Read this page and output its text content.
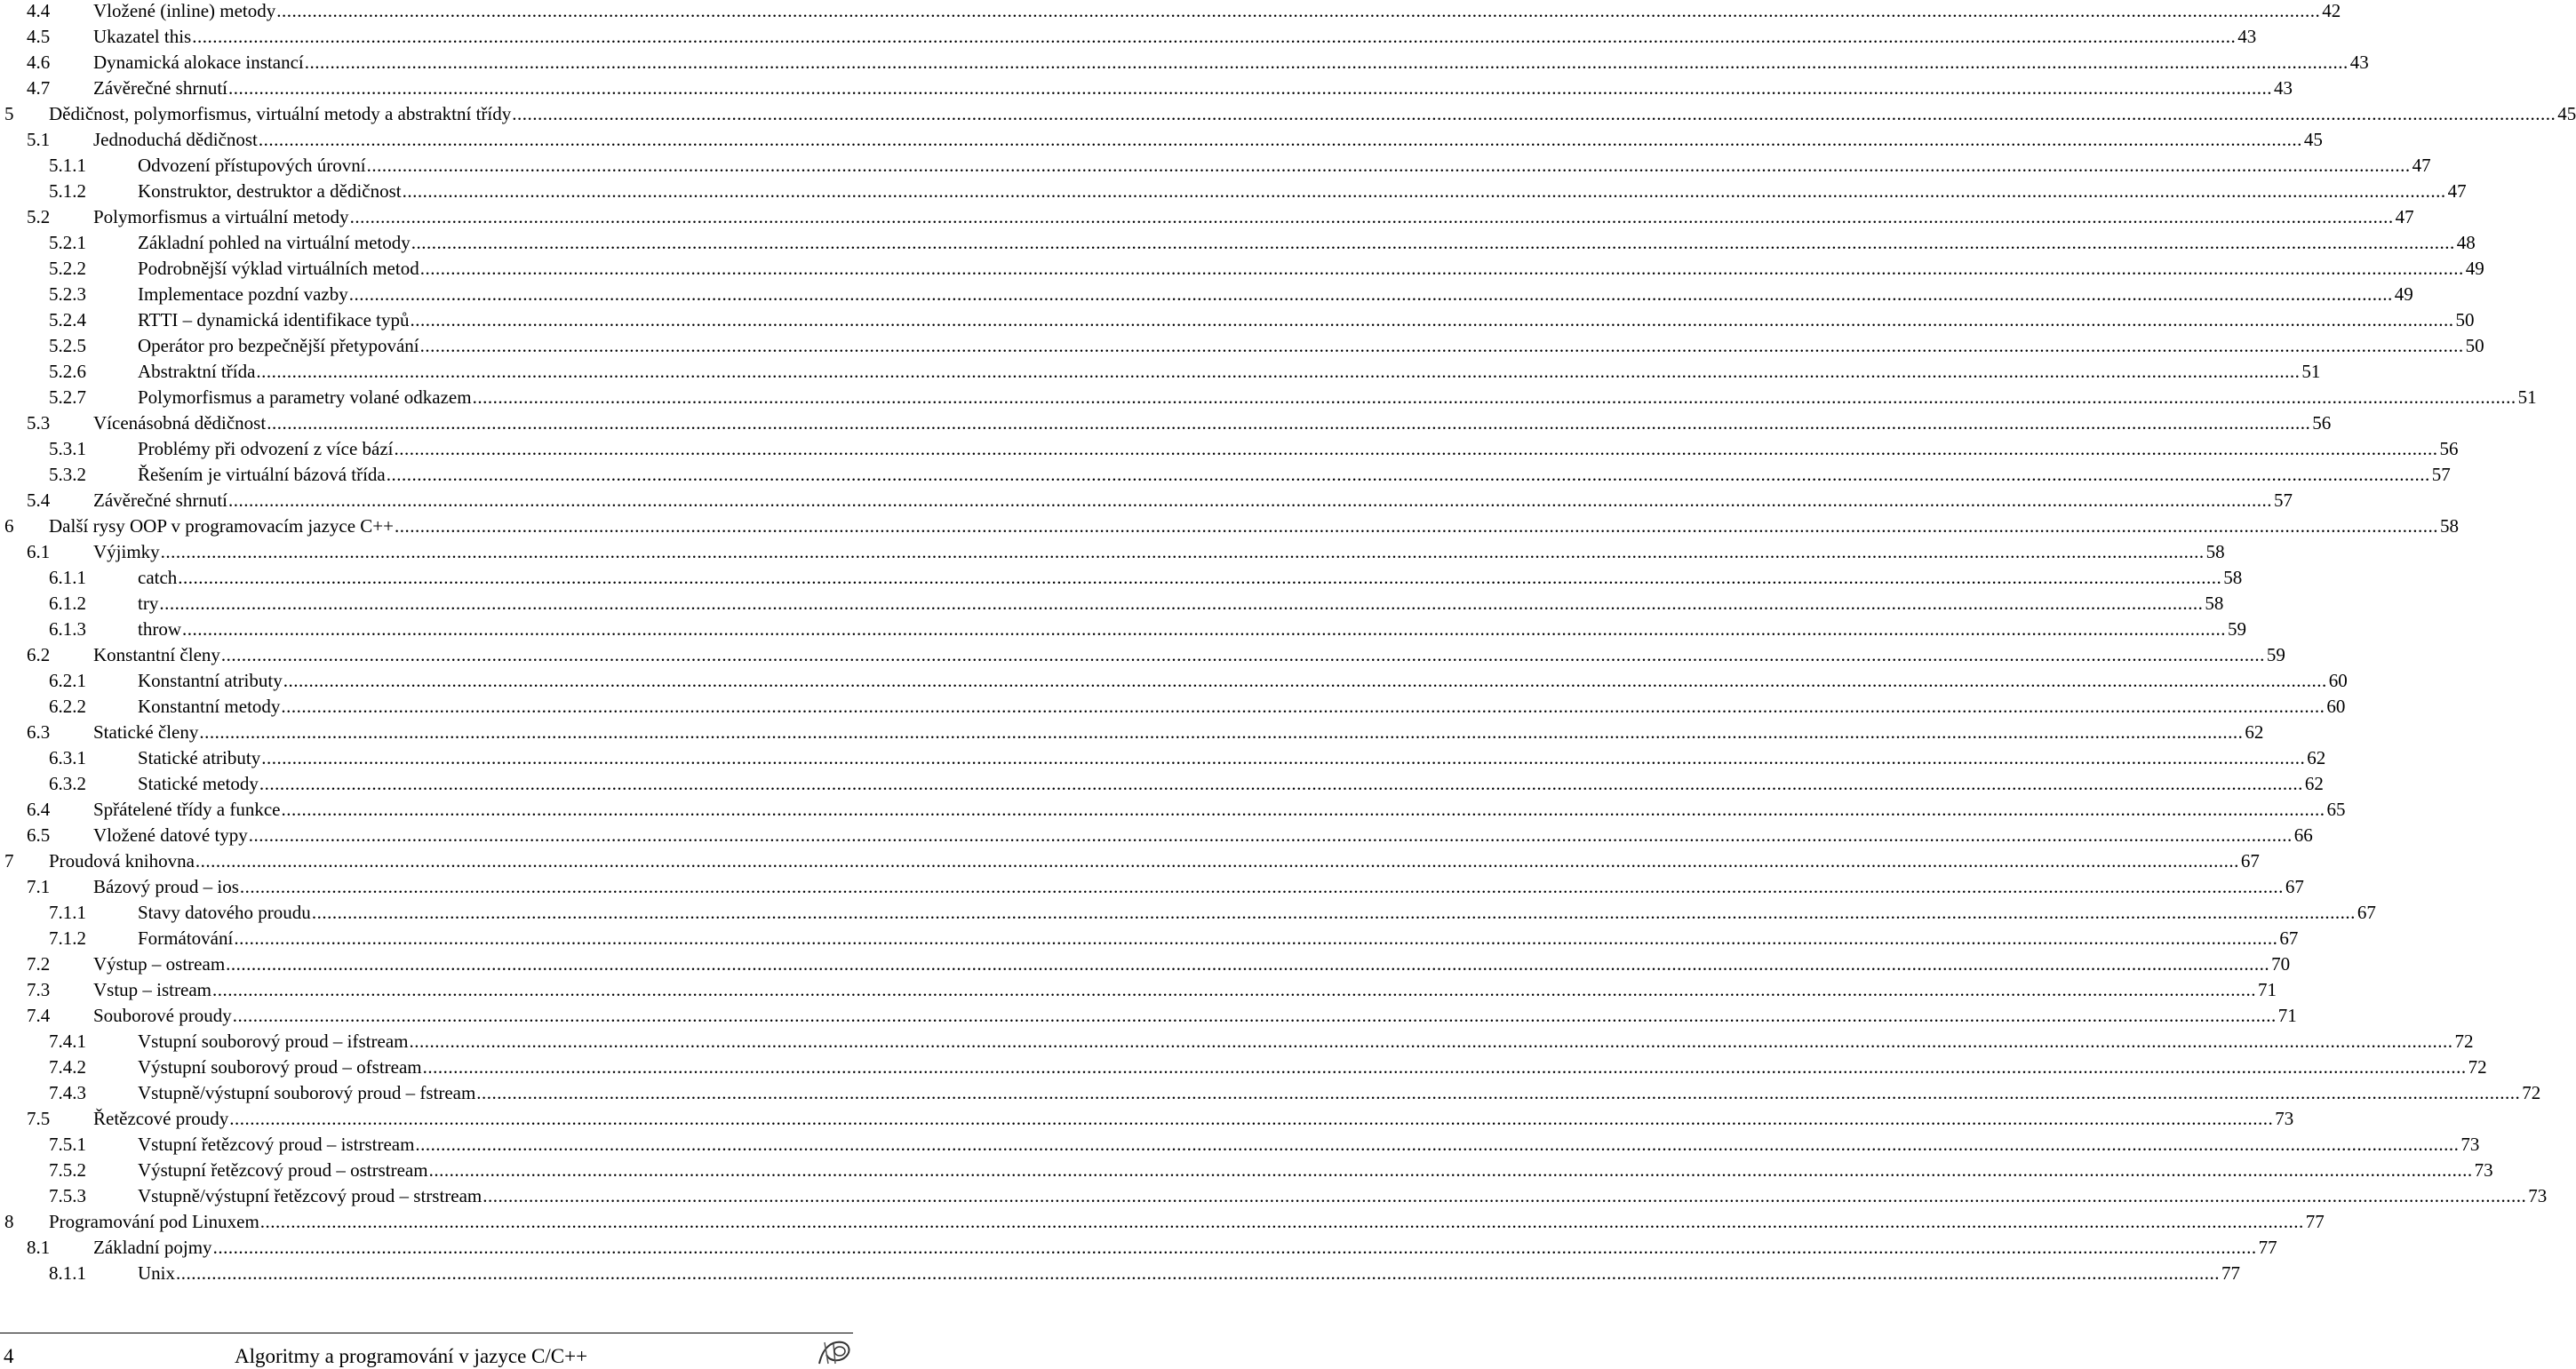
4.4 Vložené (inline) metody ................................................................................................................................................................................................................................................................................................................................................................................................................ 42
4.5 Ukazatel this ................................................................................................................................................................................................................................................................................................................................................................................................................ 43
4.6 Dynamická alokace instancí ................................................................................................................................................................................................................................................................................................................................................................................................................ 43
4.7 Závěrečné shrnutí ................................................................................................................................................................................................................................................................................................................................................................................................................ 43
5 Dědičnost, polymorfismus, virtuální metody a abstraktní třídy ................................................................................................................................................................................................................................................................................................................................................................................................................ 45
5.1 Jednoduchá dědičnost ................................................................................................................................................................................................................................................................................................................................................................................................................ 45
5.1.1	Odvození přístupových úrovní ................................................................................................................................................................................................................................................................................................................................................................................................................ 47
5.1.2	Konstruktor, destruktor a dědičnost ................................................................................................................................................................................................................................................................................................................................................................................................................ 47
5.2 Polymorfismus a virtuální metody ................................................................................................................................................................................................................................................................................................................................................................................................................ 47
5.2.1	Základní pohled na virtuální metody ................................................................................................................................................................................................................................................................................................................................................................................................................ 48
5.2.2	Podrobnější výklad virtuálních metod ................................................................................................................................................................................................................................................................................................................................................................................................................ 49
5.2.3	Implementace pozdní vazby ................................................................................................................................................................................................................................................................................................................................................................................................................ 49
5.2.4	RTTI – dynamická identifikace typů ................................................................................................................................................................................................................................................................................................................................................................................................................ 50
5.2.5	Operátor pro bezpečnější přetypování ................................................................................................................................................................................................................................................................................................................................................................................................................ 50
5.2.6	Abstraktní třída ................................................................................................................................................................................................................................................................................................................................................................................................................ 51
5.2.7	Polymorfismus a parametry volané odkazem ................................................................................................................................................................................................................................................................................................................................................................................................................ 51
5.3 Vícenásobná dědičnost ................................................................................................................................................................................................................................................................................................................................................................................................................ 56
5.3.1	Problémy při odvození z více bází ................................................................................................................................................................................................................................................................................................................................................................................................................ 56
5.3.2	Řešením je virtuální bázová třída ................................................................................................................................................................................................................................................................................................................................................................................................................ 57
5.4 Závěrečné shrnutí ................................................................................................................................................................................................................................................................................................................................................................................................................ 57
6 Další rysy OOP v programovacím jazyce C++ ................................................................................................................................................................................................................................................................................................................................................................................................................ 58
6.1 Výjimky ................................................................................................................................................................................................................................................................................................................................................................................................................ 58
6.1.1	catch ................................................................................................................................................................................................................................................................................................................................................................................................................ 58
6.1.2	try ................................................................................................................................................................................................................................................................................................................................................................................................................ 58
6.1.3	throw ................................................................................................................................................................................................................................................................................................................................................................................................................ 59
6.2 Konstantní členy ................................................................................................................................................................................................................................................................................................................................................................................................................ 59
6.2.1	Konstantní atributy ................................................................................................................................................................................................................................................................................................................................................................................................................ 60
6.2.2	Konstantní metody ................................................................................................................................................................................................................................................................................................................................................................................................................ 60
6.3 Statické členy ................................................................................................................................................................................................................................................................................................................................................................................................................ 62
6.3.1	Statické atributy ................................................................................................................................................................................................................................................................................................................................................................................................................ 62
6.3.2	Statické metody ................................................................................................................................................................................................................................................................................................................................................................................................................ 62
6.4 Spřátelené třídy a funkce ................................................................................................................................................................................................................................................................................................................................................................................................................ 65
6.5 Vložené datové typy ................................................................................................................................................................................................................................................................................................................................................................................................................ 66
7 Proudová knihovna ................................................................................................................................................................................................................................................................................................................................................................................................................ 67
7.1 Bázový proud – ios ................................................................................................................................................................................................................................................................................................................................................................................................................ 67
7.1.1	Stavy datového proudu ................................................................................................................................................................................................................................................................................................................................................................................................................ 67
7.1.2	Formátování ................................................................................................................................................................................................................................................................................................................................................................................................................ 67
7.2 Výstup – ostream ................................................................................................................................................................................................................................................................................................................................................................................................................ 70
7.3 Vstup – istream ................................................................................................................................................................................................................................................................................................................................................................................................................ 71
7.4 Souborové proudy ................................................................................................................................................................................................................................................................................................................................................................................................................ 71
7.4.1	Vstupní souborový proud – ifstream ................................................................................................................................................................................................................................................................................................................................................................................................................ 72
7.4.2	Výstupní souborový proud – ofstream ................................................................................................................................................................................................................................................................................................................................................................................................................ 72
7.4.3	Vstupně/výstupní souborový proud – fstream ................................................................................................................................................................................................................................................................................................................................................................................................................ 72
7.5 Řetězcové proudy ................................................................................................................................................................................................................................................................................................................................................................................................................ 73
7.5.1	Vstupní řetězcový proud – istrstream ................................................................................................................................................................................................................................................................................................................................................................................................................ 73
7.5.2	Výstupní řetězcový proud – ostrstream ................................................................................................................................................................................................................................................................................................................................................................................................................ 73
7.5.3	Vstupně/výstupní řetězcový proud – strstream ................................................................................................................................................................................................................................................................................................................................................................................................................ 73
8 Programování pod Linuxem ................................................................................................................................................................................................................................................................................................................................................................................................................ 77
8.1 Základní pojmy ................................................................................................................................................................................................................................................................................................................................................................................................................ 77
8.1.1	Unix ................................................................................................................................................................................................................................................................................................................................................................................................................ 77
4	Algoritmy a programování v jazyce C/C++
